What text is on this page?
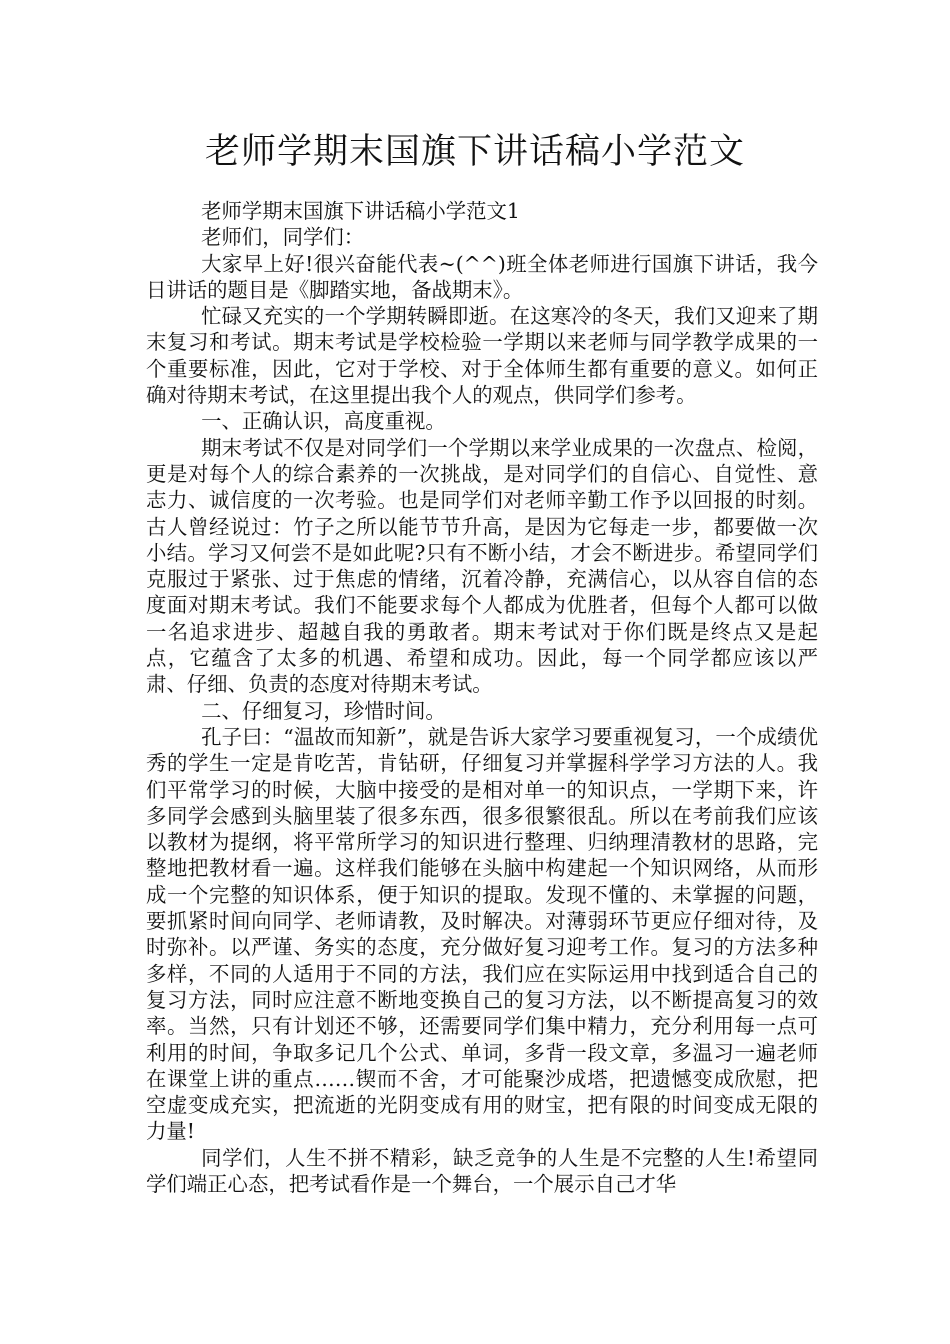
老师学期末国旗下讲话稿小学范文

老师学期末国旗下讲话稿小学范文1

老师们，同学们：

大家早上好!很兴奋能代表~(^^)班全体老师进行国旗下讲话，我今日讲话的题目是《脚踏实地，备战期末》。

忙碌又充实的一个学期转瞬即逝。在这寒冷的冬天，我们又迎来了期末复习和考试。期末考试是学校检验一学期以来老师与同学教学成果的一个重要标准，因此，它对于学校、对于全体师生都有重要的意义。如何正确对待期末考试，在这里提出我个人的观点，供同学们参考。

一、正确认识，高度重视。

期末考试不仅是对同学们一个学期以来学业成果的一次盘点、检阅，更是对每个人的综合素养的一次挑战，是对同学们的自信心、自觉性、意志力、诚信度的一次考验。也是同学们对老师辛勤工作予以回报的时刻。古人曾经说过：竹子之所以能节节升高，是因为它每走一步，都要做一次小结。学习又何尝不是如此呢?只有不断小结，才会不断进步。希望同学们克服过于紧张、过于焦虑的情绪，沉着冷静，充满信心，以从容自信的态度面对期末考试。我们不能要求每个人都成为优胜者，但每个人都可以做一名追求进步、超越自我的勇敢者。期末考试对于你们既是终点又是起点，它蕴含了太多的机遇、希望和成功。因此，每一个同学都应该以严肃、仔细、负责的态度对待期末考试。

二、仔细复习，珍惜时间。

孔子曰：“温故而知新”，就是告诉大家学习要重视复习，一个成绩优秀的学生一定是肯吃苦，肯钻研，仔细复习并掌握科学学习方法的人。我们平常学习的时候，大脑中接受的是相对单一的知识点，一学期下来，许多同学会感到头脑里装了很多东西，很多很繁很乱。所以在考前我们应该以教材为提纲，将平常所学习的知识进行整理、归纳理清教材的思路，完整地把教材看一遍。这样我们能够在头脑中构建起一个知识网络，从而形成一个完整的知识体系，便于知识的提取。发现不懂的、未掌握的问题，要抓紧时间向同学、老师请教，及时解决。对薄弱环节更应仔细对待，及时弥补。以严谨、务实的态度，充分做好复习迎考工作。复习的方法多种多样，不同的人适用于不同的方法，我们应在实际运用中找到适合自己的复习方法，同时应注意不断地变换自己的复习方法，以不断提高复习的效率。当然，只有计划还不够，还需要同学们集中精力，充分利用每一点可利用的时间，争取多记几个公式、单词，多背一段文章，多温习一遍老师在课堂上讲的重点……锲而不舍，才可能聚沙成塔，把遗憾变成欣慰，把空虚变成充实，把流逝的光阴变成有用的财宝，把有限的时间变成无限的力量!

同学们，人生不拼不精彩，缺乏竞争的人生是不完整的人生!希望同学们端正心态，把考试看作是一个舞台，一个展示自己才华
